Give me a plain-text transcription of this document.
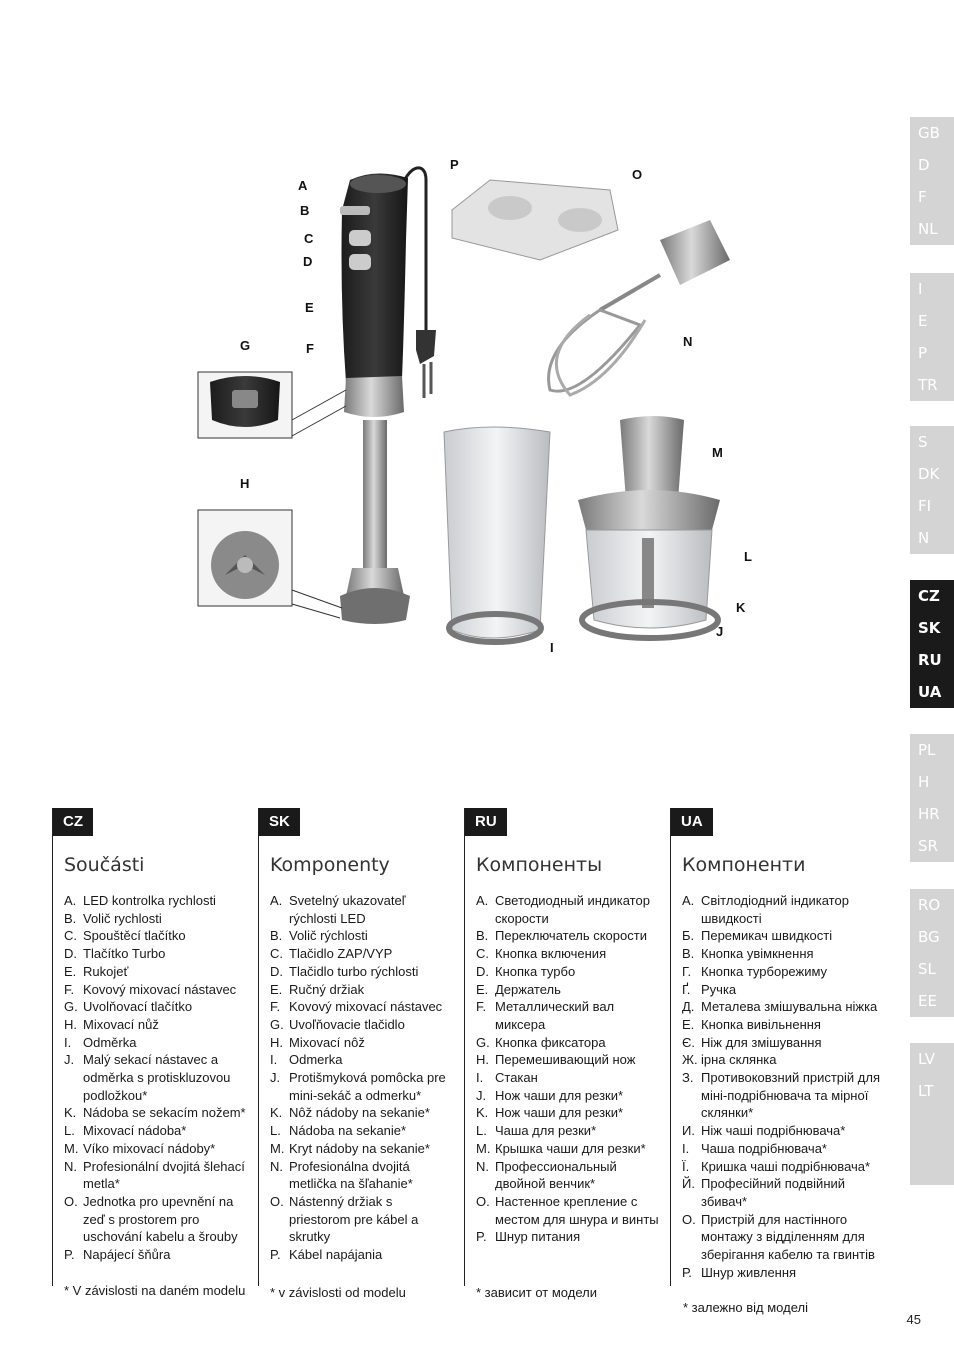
GB
D
F
NL
I
E
P
TR
S
DK
FI
N
CZ
SK
RU
UA
PL
H
HR
SR
RO
BG
SL
EE
LV
LT
A
B
C
D
E
F
G
H
I
J
K
L
M
N
O
P
CZ
Součásti
A. LED kontrolka rychlosti
B. Volič rychlosti
C. Spouštěcí tlačítko
D. Tlačítko Turbo
E. Rukojeť
F. Kovový mixovací nástavec
G. Uvolňovací tlačítko
H. Mixovací nůž
I. Odměrka
J. Malý sekací nástavec a odměrka s protiskluzovou podložkou*
K. Nádoba se sekacím nožem*
L. Mixovací nádoba*
M. Víko mixovací nádoby*
N. Profesionální dvojitá šlehací metla*
O. Jednotka pro upevnění na zeď s prostorem pro uschování kabelu a šrouby
P. Napájecí šňůra
* V závislosti na daném modelu
SK
Komponenty
A. Svetelný ukazovateľ rýchlosti LED
B. Volič rýchlosti
C. Tlačidlo ZAP/VYP
D. Tlačidlo turbo rýchlosti
E. Ručný držiak
F. Kovový mixovací nástavec
G. Uvoľňovacie tlačidlo
H. Mixovací nôž
I. Odmerka
J. Protišmyková pomôcka pre mini-sekáč a odmerku*
K. Nôž nádoby na sekanie*
L. Nádoba na sekanie*
M. Kryt nádoby na sekanie*
N. Profesionálna dvojitá metlička na šľahanie*
O. Nástenný držiak s priestorom pre kábel a skrutky
P. Kábel napájania
* v závislosti od modelu
RU
Компоненты
A. Светодиодный индикатор скорости
B. Переключатель скорости
C. Кнопка включения
D. Кнопка турбо
E. Держатель
F. Металлический вал миксера
G. Кнопка фиксатора
H. Перемешивающий нож
I. Стакан
J. Нож чаши для резки*
K. Нож чаши для резки*
L. Чаша для резки*
M. Крышка чаши для резки*
N. Профессиональный двойной венчик*
O. Настенное крепление с местом для шнура и винты
P. Шнур питания
* зависит от модели
UA
Компоненти
A. Світлодіодний індикатор швидкості
Б. Перемикач швидкості
В. Кнопка увімкнення
Г. Кнопка турборежиму
Ґ. Ручка
Д. Металева змішувальна ніжка
Е. Кнопка вивільнення
Є. Ніж для змішування
Ж. ірна склянка
З. Противоковзний пристрій для міні-подрібнювача та мірної склянки*
И. Ніж чаші подрібнювача*
І. Чаша подрібнювача*
Ї. Кришка чаші подрібнювача*
Й. Професійний подвійний збивач*
О. Пристрій для настінного монтажу з відділенням для зберігання кабелю та гвинтів
Р. Шнур живлення
* залежно від моделі
45
